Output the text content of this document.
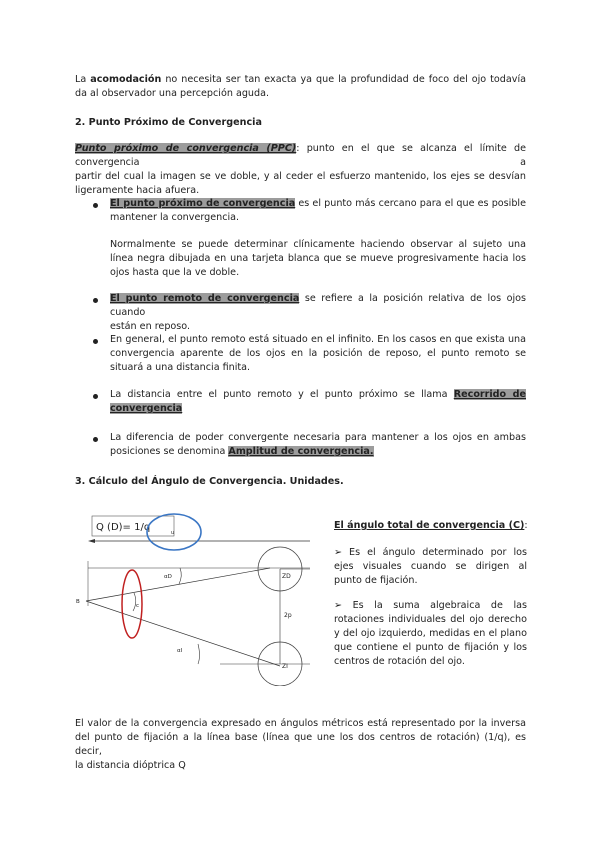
La acomodación no necesita ser tan exacta ya que la profundidad de foco del ojo todavía
da al observador una percepción aguda.
2. Punto Próximo de Convergencia
Punto próximo de convergencia (PPC): punto en el que se alcanza el límite de convergencia a
partir del cual la imagen se ve doble, y al ceder el esfuerzo mantenido, los ejes se desvían
ligeramente hacia afuera.
El punto próximo de convergencia es el punto más cercano para el que es posible
mantener la convergencia.
Normalmente se puede determinar clínicamente haciendo observar al sujeto una
línea negra dibujada en una tarjeta blanca que se mueve progresivamente hacia los
ojos hasta que la ve doble.
El punto remoto de convergencia se refiere a la posición relativa de los ojos cuando
están en reposo.
En general, el punto remoto está situado en el infinito. En los casos en que exista una
convergencia aparente de los ojos en la posición de reposo, el punto remoto se
situará a una distancia finita.
La distancia entre el punto remoto y el punto próximo se llama Recorrido de
convergencia
La diferencia de poder convergente necesaria para mantener a los ojos en ambas
posiciones se denomina Amplitud de convergencia.
3. Cálculo del Ángulo de Convergencia. Unidades.
Q (D)= 1/q	u
αD
c
B
αI
ZD
ZI
2p
El ángulo total de convergencia (C):
➢ Es el ángulo determinado por los
ejes visuales cuando se dirigen al
punto de fijación.
➢ Es la suma algebraica de las
rotaciones individuales del ojo derecho
y del ojo izquierdo, medidas en el plano
que contiene el punto de fijación y los
centros de rotación del ojo.
El valor de la convergencia expresado en ángulos métricos está representado por la inversa
del punto de fijación a la línea base (línea que une los dos centros de rotación) (1/q), es decir,
la distancia dióptrica Q
